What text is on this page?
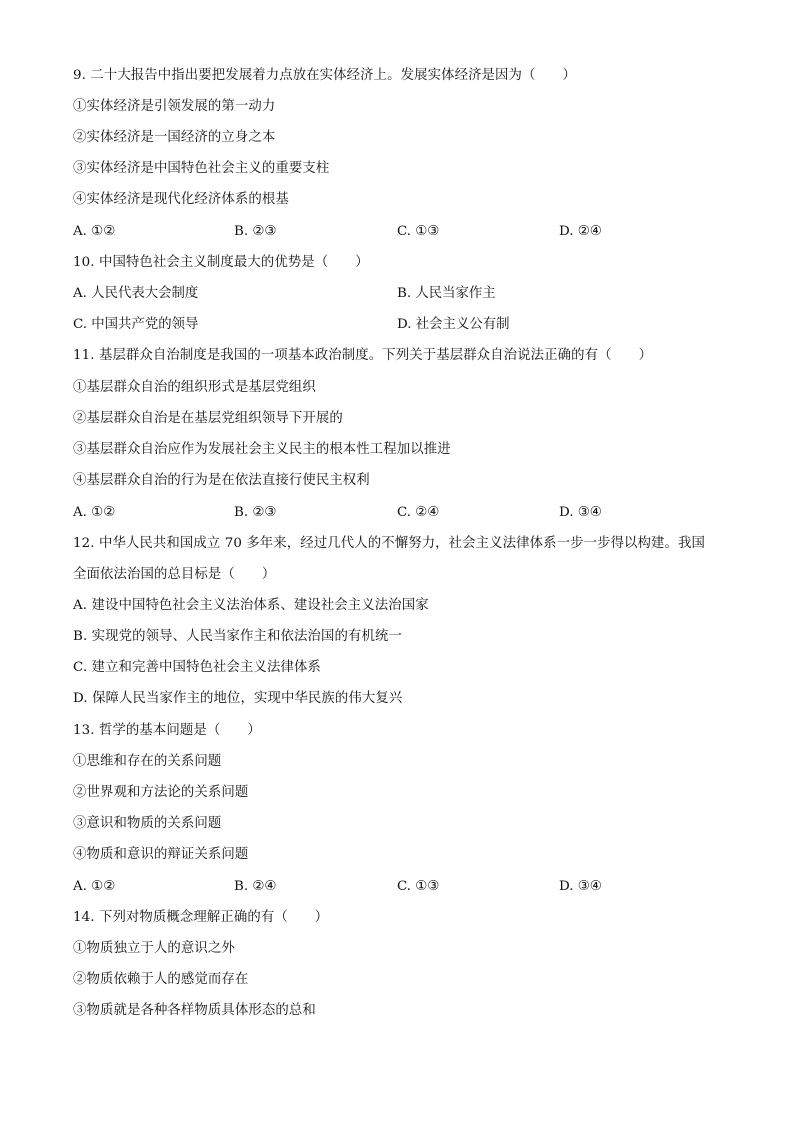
9. 二十大报告中指出要把发展着力点放在实体经济上。发展实体经济是因为（　　）
①实体经济是引领发展的第一动力
②实体经济是一国经济的立身之本
③实体经济是中国特色社会主义的重要支柱
④实体经济是现代化经济体系的根基
A. ①②	B. ②③	C. ①③	D. ②④
10. 中国特色社会主义制度最大的优势是（　　）
A. 人民代表大会制度	B. 人民当家作主
C. 中国共产党的领导	D. 社会主义公有制
11. 基层群众自治制度是我国的一项基本政治制度。下列关于基层群众自治说法正确的有（　　）
①基层群众自治的组织形式是基层党组织
②基层群众自治是在基层党组织领导下开展的
③基层群众自治应作为发展社会主义民主的根本性工程加以推进
④基层群众自治的行为是在依法直接行使民主权利
A. ①②	B. ②③	C. ②④	D. ③④
12. 中华人民共和国成立 70 多年来，经过几代人的不懈努力，社会主义法律体系一步一步得以构建。我国
全面依法治国的总目标是（　　）
A. 建设中国特色社会主义法治体系、建设社会主义法治国家
B. 实现党的领导、人民当家作主和依法治国的有机统一
C. 建立和完善中国特色社会主义法律体系
D. 保障人民当家作主的地位，实现中华民族的伟大复兴
13. 哲学的基本问题是（　　）
①思维和存在的关系问题
②世界观和方法论的关系问题
③意识和物质的关系问题
④物质和意识的辩证关系问题
A. ①②	B. ②④	C. ①③	D. ③④
14. 下列对物质概念理解正确的有（　　）
①物质独立于人的意识之外
②物质依赖于人的感觉而存在
③物质就是各种各样物质具体形态的总和
